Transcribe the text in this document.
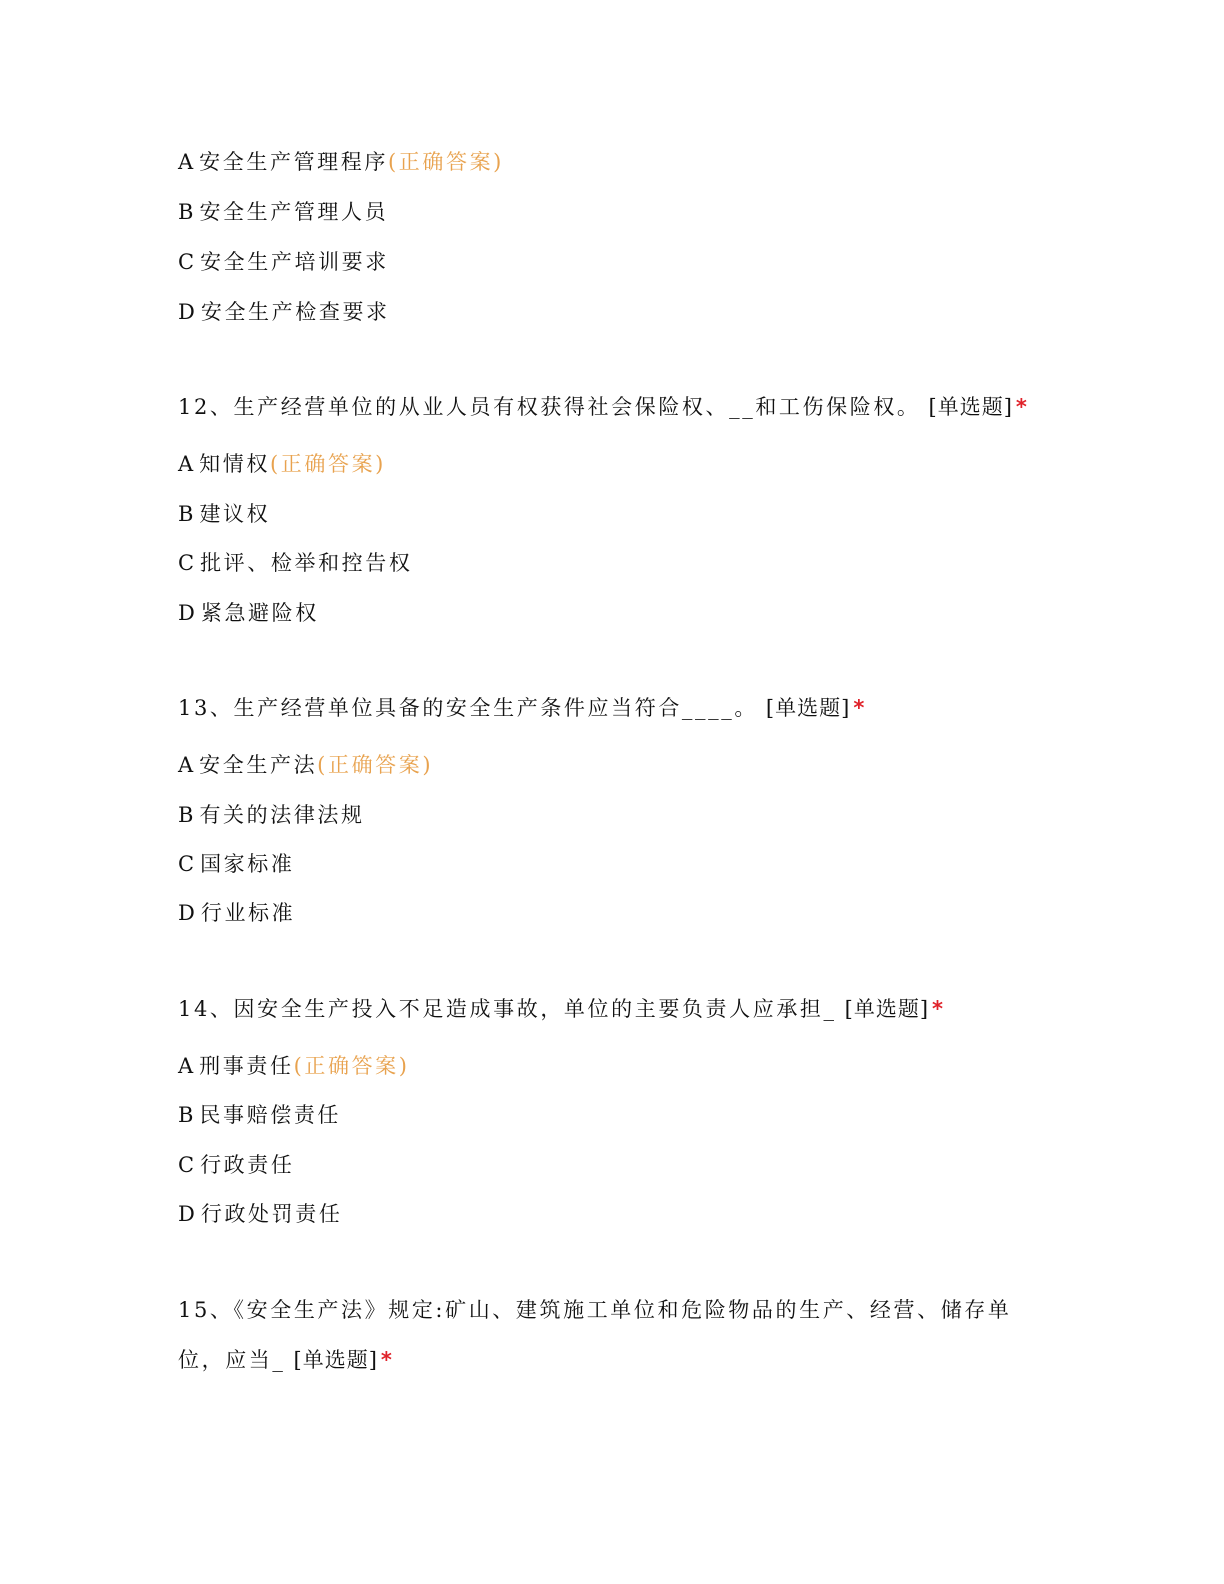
A 安全生产管理程序(正确答案)

B 安全生产管理人员

C 安全生产培训要求

D 安全生产检查要求

12、生产经营单位的从业人员有权获得社会保险权、__和工伤保险权。 [单选题] *

A 知情权(正确答案)

B 建议权

C 批评、检举和控告权

D 紧急避险权

13、生产经营单位具备的安全生产条件应当符合____。 [单选题] *

A 安全生产法(正确答案)

B 有关的法律法规

C 国家标准

D 行业标准

14、因安全生产投入不足造成事故，单位的主要负责人应承担_ [单选题] *

A 刑事责任(正确答案)

B 民事赔偿责任

C 行政责任

D 行政处罚责任

15、《安全生产法》规定:矿山、建筑施工单位和危险物品的生产、经营、储存单

位，应当_ [单选题] *
